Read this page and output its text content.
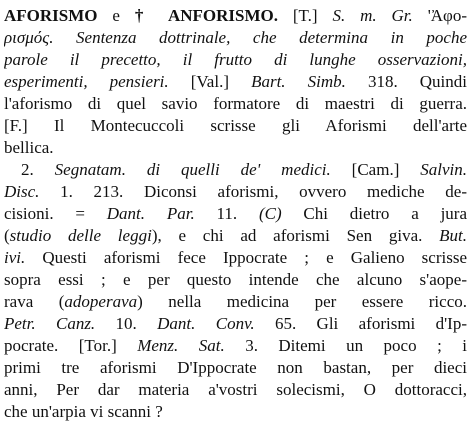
AFORISMO e † ANFORISMO. [T.] S. m. Gr. 'Ἀφο-
ρισμός. Sentenza dottrinale, che determina in poche
parole il precetto, il frutto di lunghe osservazioni,
esperimenti, pensieri. [Val.] Bart. Simb. 318. Quindi
l'aforismo di quel savio formatore di maestri di guerra.
[F.] Il Montecuccoli scrisse gli Aforismi dell'arte
bellica.
2. Segnatam. di quelli de' medici. [Cam.] Salvin.
Disc. 1. 213. Diconsi aforismi, ovvero mediche de-
cisioni. = Dant. Par. 11. (C) Chi dietro a jura
(studio delle leggi), e chi ad aforismi Sen giva. But.
ivi. Questi aforismi fece Ippocrate ; e Galieno scrisse
sopra essi ; e per questo intende che alcuno s'aope-
rava (adoperava) nella medicina per essere ricco.
Petr. Canz. 10. Dant. Conv. 65. Gli aforismi d'Ip-
pocrate. [Tor.] Menz. Sat. 3. Ditemi un poco ; i
primi tre aforismi D'Ippocrate non bastan, per dieci
anni, Per dar materia a'vostri solecismi, O dottoracci,
che un'arpia vi scanni ?
